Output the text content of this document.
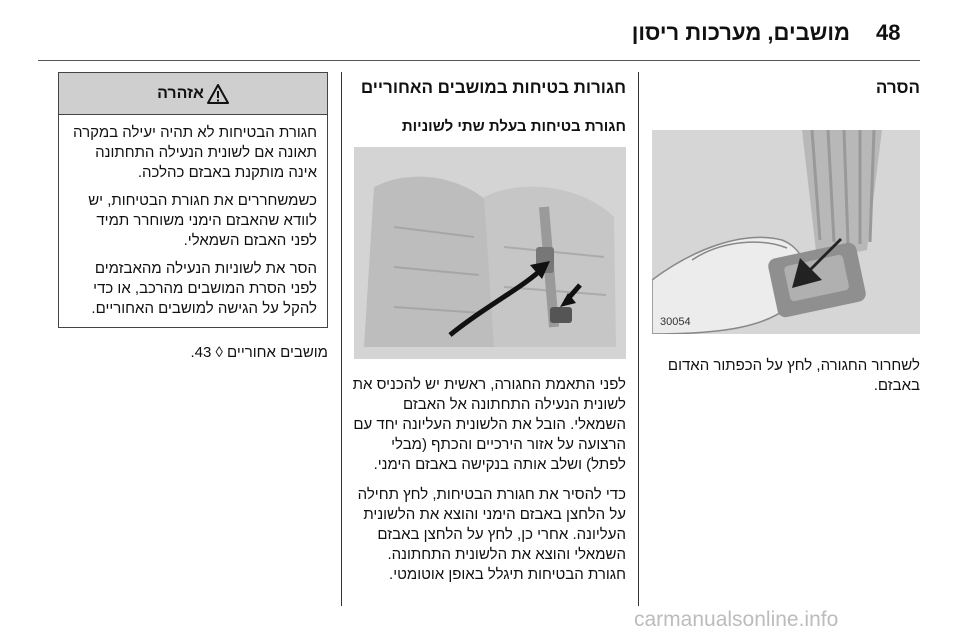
48
מושבים, מערכות ריסון
הסרה
30054
לשחרור החגורה, לחץ על הכפתור האדום באבזם.
חגורות בטיחות במושבים האחוריים
חגורת בטיחות בעלת שתי לשוניות
לפני התאמת החגורה, ראשית יש להכניס את לשונית הנעילה התחתונה אל האבזם השמאלי. הובל את הלשונית העליונה יחד עם הרצועה על אזור הירכיים והכתף (מבלי לפתל) ושלב אותה בנקישה באבזם הימני.
כדי להסיר את חגורת הבטיחות, לחץ תחילה על הלחצן באבזם הימני והוצא את הלשונית העליונה. אחרי כן, לחץ על הלחצן באבזם השמאלי והוצא את הלשונית התחתונה. חגורת הבטיחות תיגלל באופן אוטומטי.
אזהרה
חגורת הבטיחות לא תהיה יעילה במקרה תאונה אם לשונית הנעילה התחתונה אינה מותקנת באבזם כהלכה.
כשמשחררים את חגורת הבטיחות, יש לוודא שהאבזם הימני משוחרר תמיד לפני האבזם השמאלי.
הסר את לשוניות הנעילה מהאבזמים לפני הסרת המושבים מהרכב, או כדי להקל על הגישה למושבים האחוריים.
מושבים אחוריים ◊ 43.
carmanualsonline.info
